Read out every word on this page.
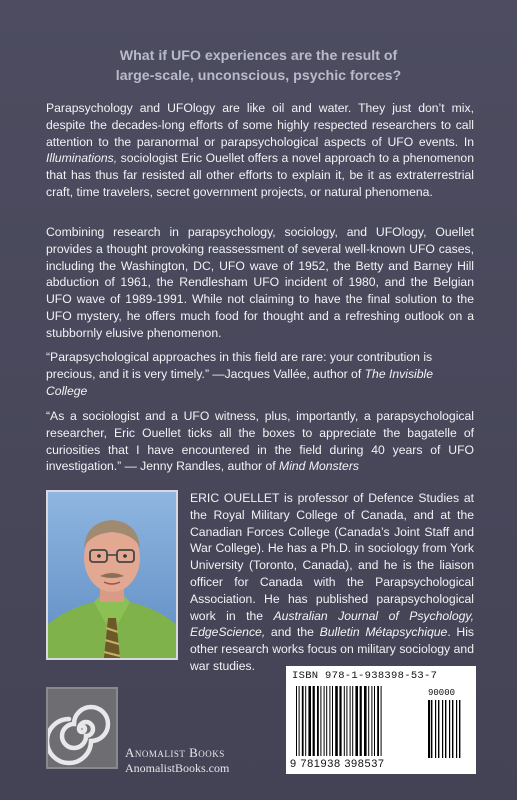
What if UFO experiences are the result of
large-scale, unconscious, psychic forces?

Parapsychology and UFOlogy are like oil and water. They just don’t mix, despite the decades-long efforts of some highly respected researchers to call attention to the paranormal or parapsychological aspects of UFO events. In Illuminations, sociologist Eric Ouellet offers a novel approach to a phenomenon that has thus far resisted all other efforts to explain it, be it as extraterrestrial craft, time travelers, secret government projects, or natural phenomena.

Combining research in parapsychology, sociology, and UFOlogy, Ouellet provides a thought provoking reassessment of several well-known UFO cases, including the Washington, DC, UFO wave of 1952, the Betty and Barney Hill abduction of 1961, the Rendlesham UFO incident of 1980, and the Belgian UFO wave of 1989-1991. While not claiming to have the final solution to the UFO mystery, he offers much food for thought and a refreshing outlook on a stubbornly elusive phenomenon.

“Parapsychological approaches in this field are rare: your contribution is precious, and it is very timely.” —Jacques Vallée, author of The Invisible College

“As a sociologist and a UFO witness, plus, importantly, a parapsychological researcher, Eric Ouellet ticks all the boxes to appreciate the bagatelle of curiosities that I have encountered in the field during 40 years of UFO investigation.” — Jenny Randles, author of Mind Monsters

ERIC OUELLET is professor of Defence Studies at the Royal Military College of Canada, and at the Canadian Forces College (Canada’s Joint Staff and War College). He has a Ph.D. in sociology from York University (Toronto, Canada), and he is the liaison officer for Canada with the Parapsychological Association. He has published parapsychological work in the Australian Journal of Psychology, EdgeScience, and the Bulletin Métapsychique. His other research works focus on military sociology and war studies.

Anomalist Books
AnomalistBooks.com
ISBN 978-1-938398-53-7
90000
9 781938 398537
